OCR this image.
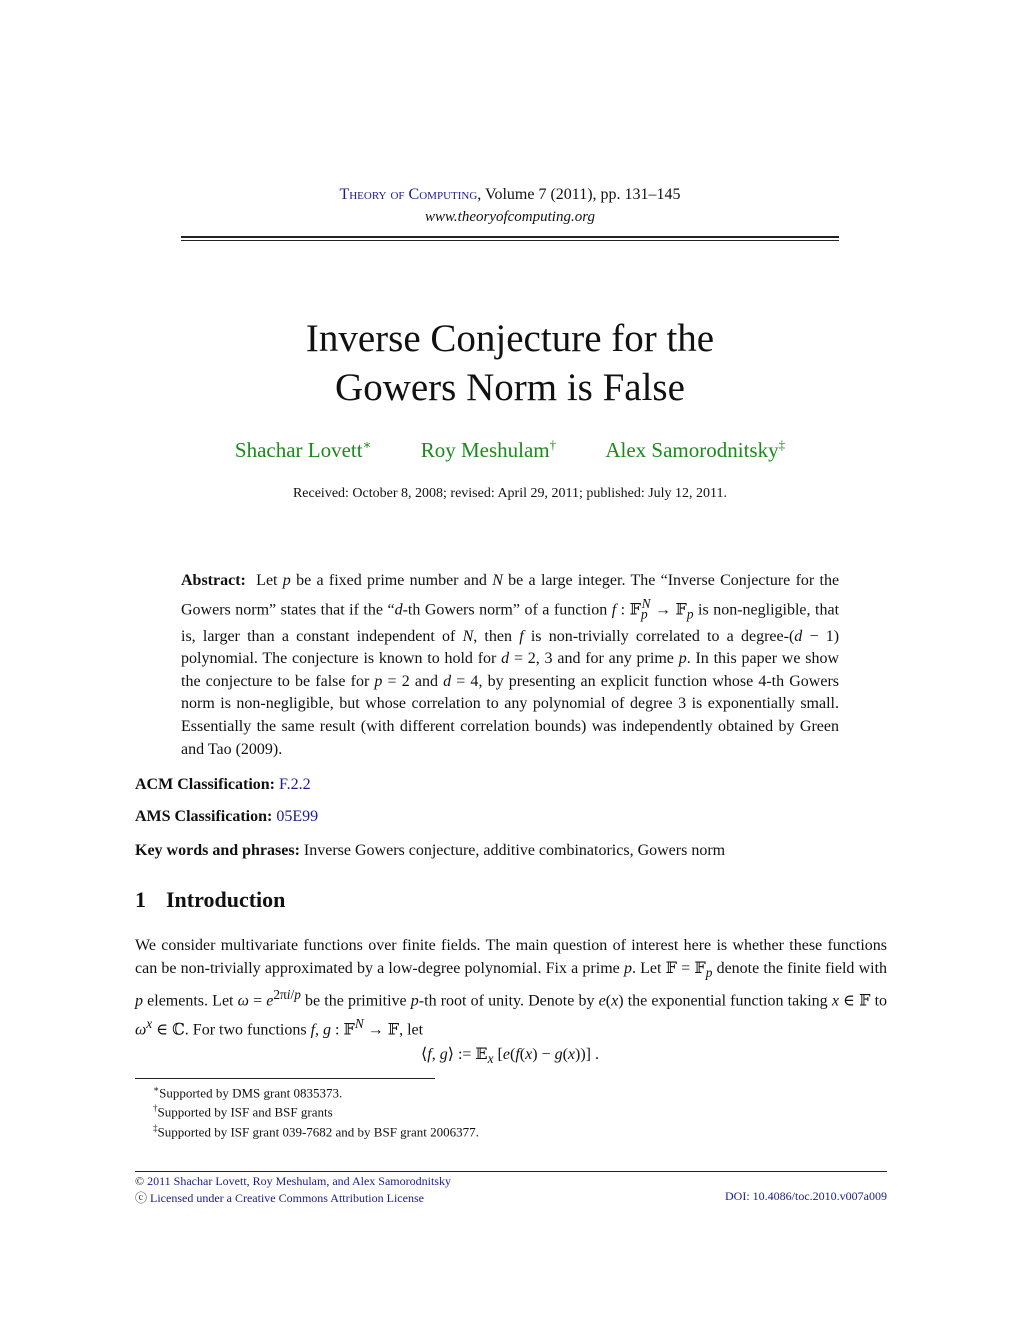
Theory of Computing, Volume 7 (2011), pp. 131–145
www.theoryofcomputing.org
Inverse Conjecture for the
Gowers Norm is False
Shachar Lovett∗ Roy Meshulam† Alex Samorodnitsky‡
Received: October 8, 2008; revised: April 29, 2011; published: July 12, 2011.
Abstract: Let p be a fixed prime number and N be a large integer. The “Inverse Conjecture for the Gowers norm” states that if the “d-th Gowers norm” of a function f : 𝔽$_p^N$ → 𝔽$_p$ is non-negligible, that is, larger than a constant independent of N, then f is non-trivially correlated to a degree-(d − 1) polynomial. The conjecture is known to hold for d = 2, 3 and for any prime p. In this paper we show the conjecture to be false for p = 2 and d = 4, by presenting an explicit function whose 4-th Gowers norm is non-negligible, but whose correlation to any polynomial of degree 3 is exponentially small. Essentially the same result (with different correlation bounds) was independently obtained by Green and Tao (2009).
ACM Classification: F.2.2
AMS Classification: 05E99
Key words and phrases: Inverse Gowers conjecture, additive combinatorics, Gowers norm
1 Introduction
We consider multivariate functions over finite fields. The main question of interest here is whether these functions can be non-trivially approximated by a low-degree polynomial. Fix a prime p. Let 𝔽 = 𝔽$_p$ denote the finite field with p elements. Let $\omega = e^{2\pi i/p}$ be the primitive p-th root of unity. Denote by e(x) the exponential function taking x ∈ 𝔽 to $\omega^x$ ∈ ℂ. For two functions f, g : 𝔽$^N$ → 𝔽, let
⟨f, g⟩ := 𝔼$_x$ [e(f(x) − g(x))] .
∗Supported by DMS grant 0835373.
†Supported by ISF and BSF grants
‡Supported by ISF grant 039-7682 and by BSF grant 2006377.
© 2011 Shachar Lovett, Roy Meshulam, and Alex Samorodnitsky
ⓒ Licensed under a Creative Commons Attribution License	DOI: 10.4086/toc.2010.v007a009
